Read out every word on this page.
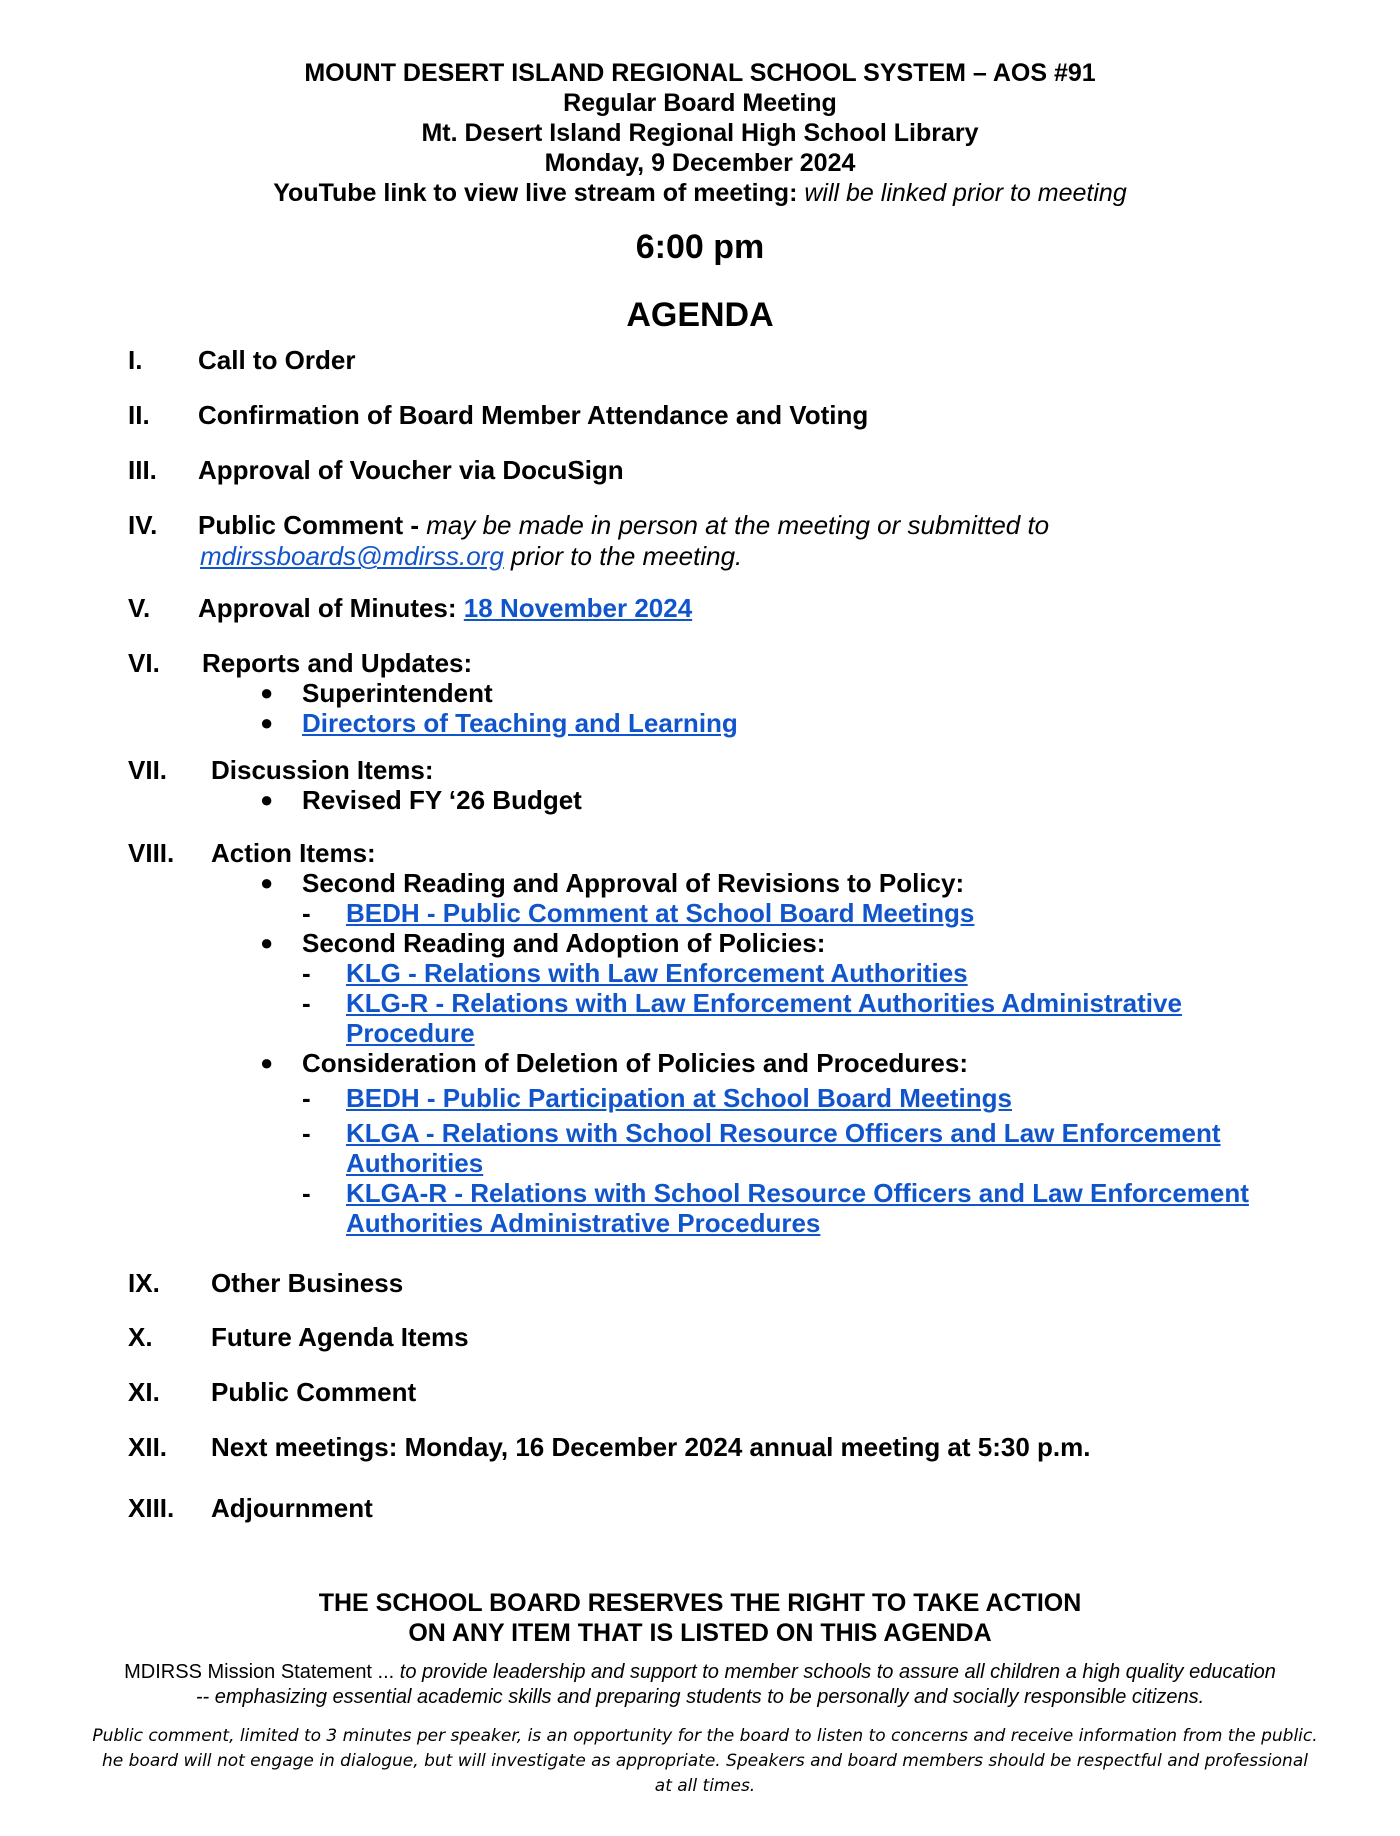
MOUNT DESERT ISLAND REGIONAL SCHOOL SYSTEM – AOS #91
Regular Board Meeting
Mt. Desert Island Regional High School Library
Monday, 9 December 2024
YouTube link to view live stream of meeting: will be linked prior to meeting
6:00 pm
AGENDA
I. Call to Order
II. Confirmation of Board Member Attendance and Voting
III. Approval of Voucher via DocuSign
IV. Public Comment - may be made in person at the meeting or submitted to
mdirssboards@mdirss.org prior to the meeting.
V. Approval of Minutes: 18 November 2024
VI. Reports and Updates:
● Superintendent
● Directors of Teaching and Learning
VII. Discussion Items:
● Revised FY ‘26 Budget
VIII. Action Items:
● Second Reading and Approval of Revisions to Policy:
- BEDH - Public Comment at School Board Meetings
● Second Reading and Adoption of Policies:
- KLG - Relations with Law Enforcement Authorities
- KLG-R - Relations with Law Enforcement Authorities Administrative
Procedure
● Consideration of Deletion of Policies and Procedures:
- BEDH - Public Participation at School Board Meetings
- KLGA - Relations with School Resource Officers and Law Enforcement
Authorities
- KLGA-R - Relations with School Resource Officers and Law Enforcement
Authorities Administrative Procedures
IX. Other Business
X. Future Agenda Items
XI. Public Comment
XII. Next meetings: Monday, 16 December 2024 annual meeting at 5:30 p.m.
XIII. Adjournment
THE SCHOOL BOARD RESERVES THE RIGHT TO TAKE ACTION
ON ANY ITEM THAT IS LISTED ON THIS AGENDA
MDIRSS Mission Statement ... to provide leadership and support to member schools to assure all children a high quality education
-- emphasizing essential academic skills and preparing students to be personally and socially responsible citizens.
Public comment, limited to 3 minutes per speaker, is an opportunity for the board to listen to concerns and receive information from the public.
he board will not engage in dialogue, but will investigate as appropriate. Speakers and board members should be respectful and professional
at all times.
